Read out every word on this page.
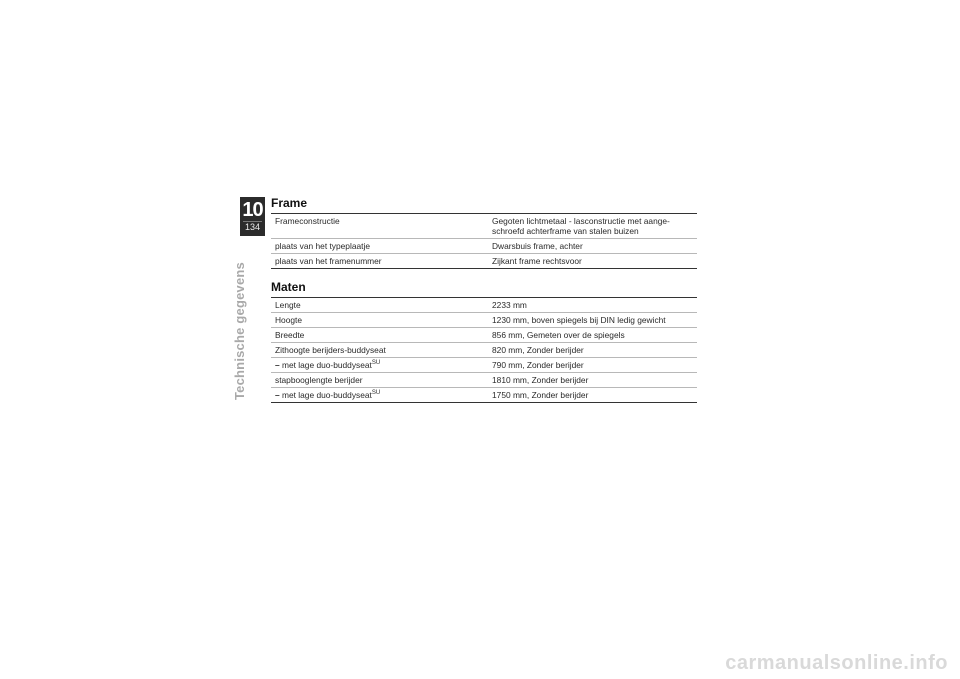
10
134
Technische gegevens
Frame
Frameconstructie	Gegoten lichtmetaal - lasconstructie met aange-
schroefd achterframe van stalen buizen
plaats van het typeplaatje	Dwarsbuis frame, achter
plaats van het framenummer	Zijkant frame rechtsvoor
Maten
Lengte	2233 mm
Hoogte	1230 mm, boven spiegels bij DIN ledig gewicht
Breedte	856 mm, Gemeten over de spiegels
Zithoogte berijders-buddyseat	820 mm, Zonder berijder
– met lage duo-buddyseat$^{SU}$	790 mm, Zonder berijder
stapbooglengte berijder	1810 mm, Zonder berijder
– met lage duo-buddyseat$^{SU}$	1750 mm, Zonder berijder
carmanualsonline.info
